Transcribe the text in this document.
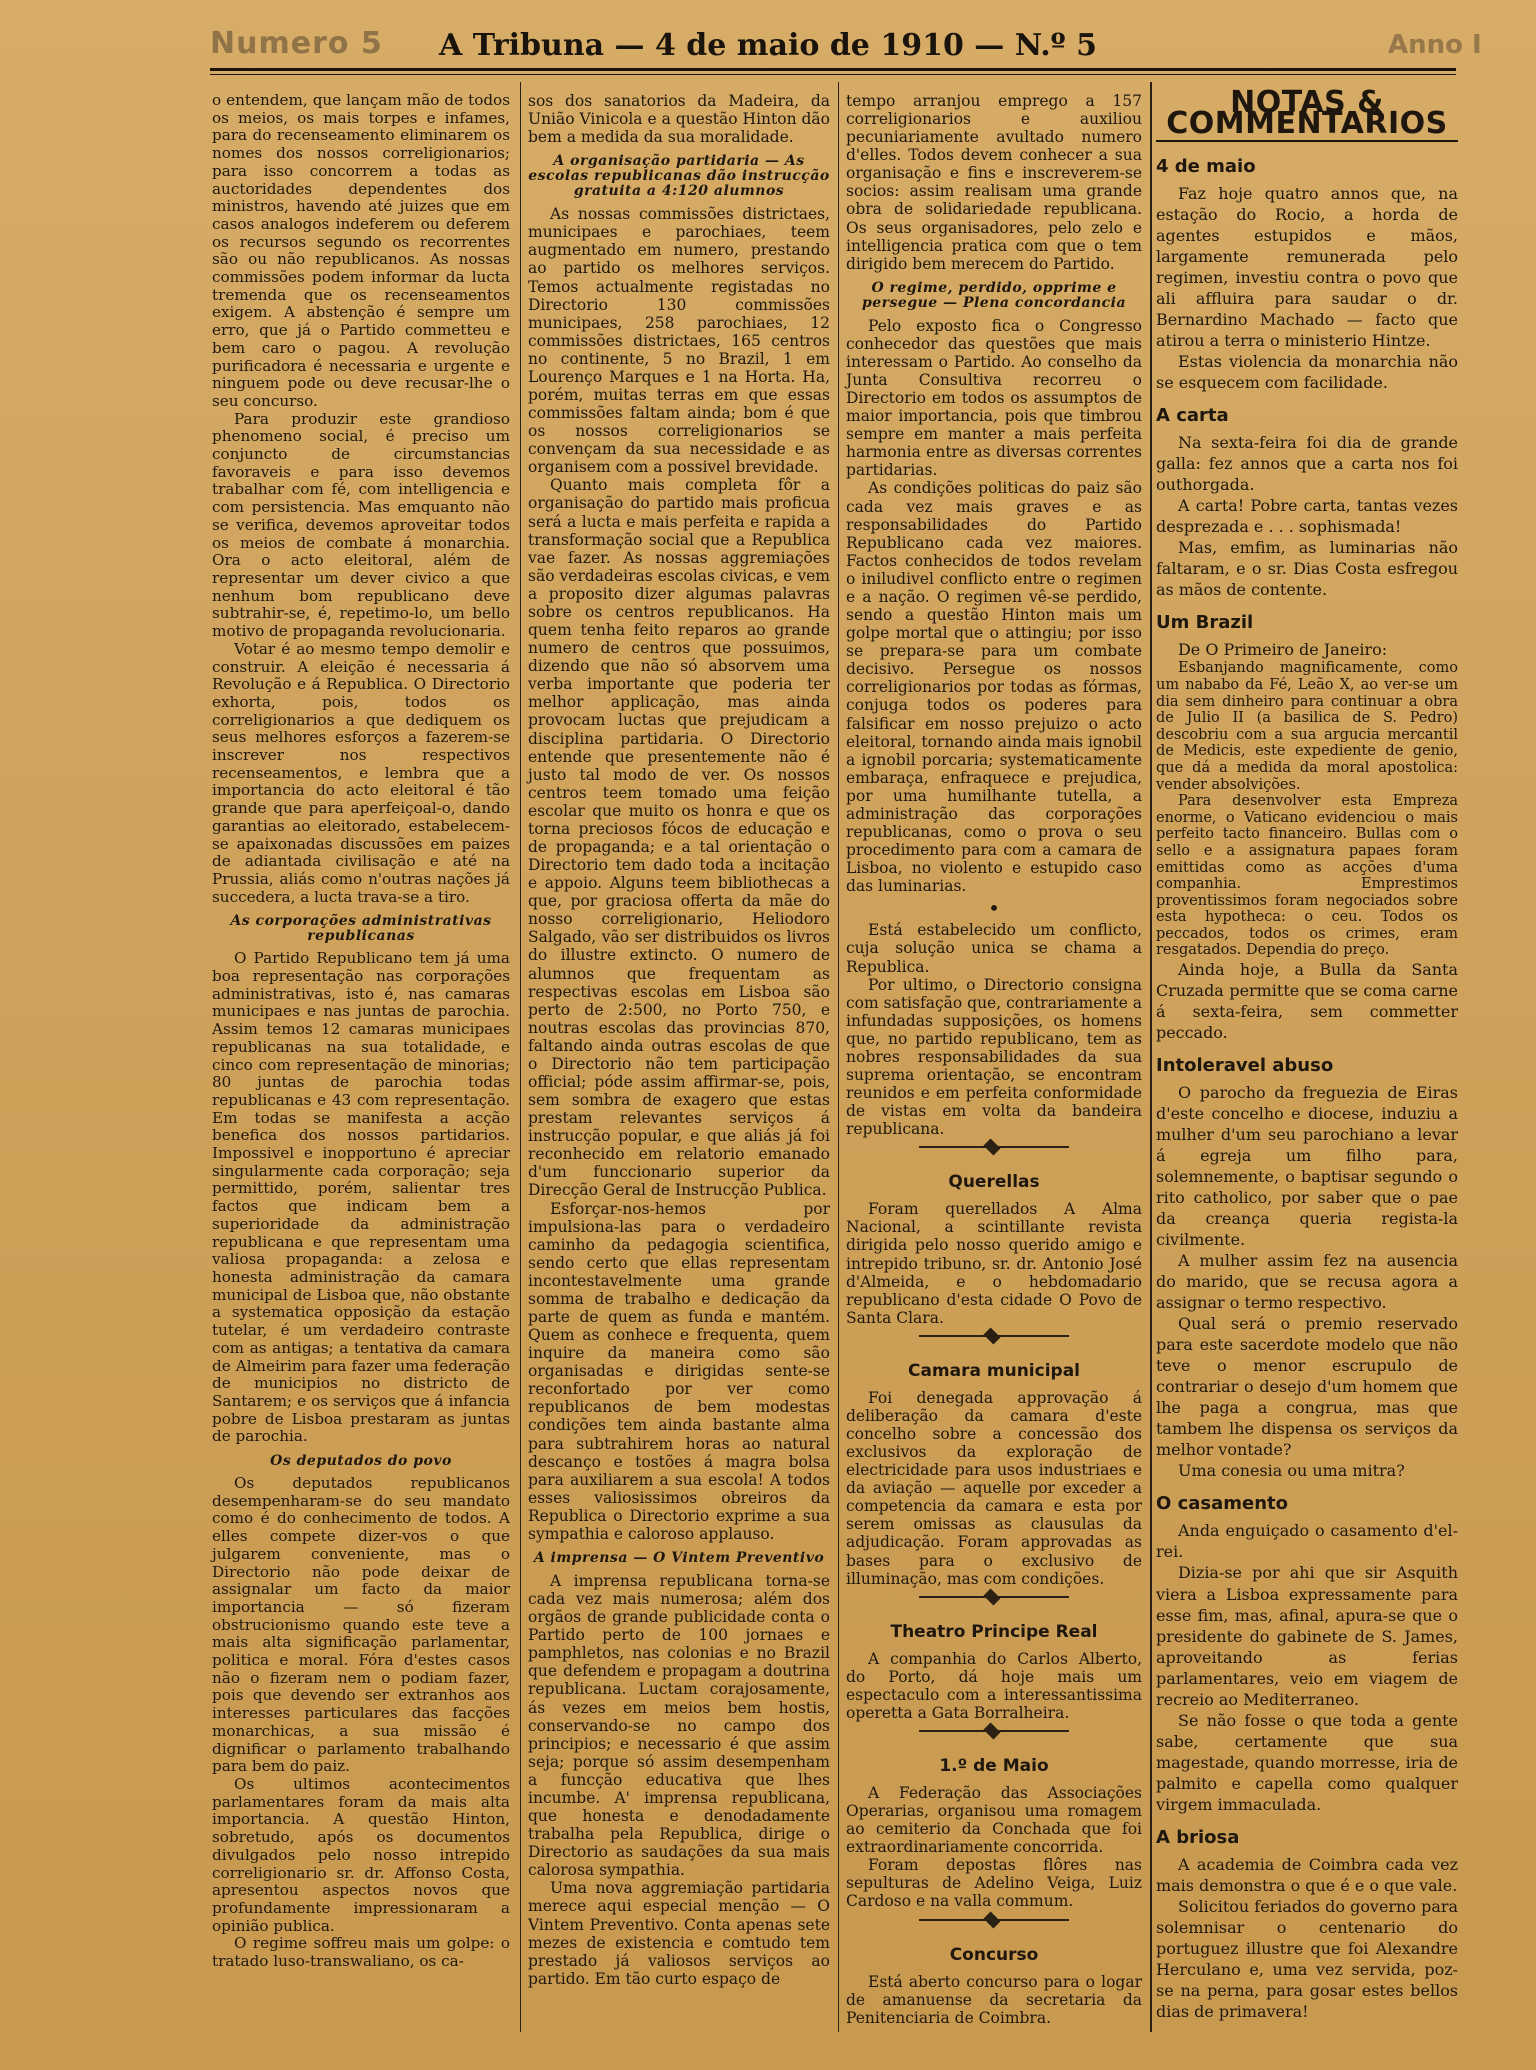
Numero 5	A Tribuna — 4 de maio de 1910 — N.º 5	Anno I

o entendem, que lançam mão de todos os meios, os mais torpes e infames, para do recenseamento eliminarem os nomes dos nossos correligionarios; para isso concorrem a todas as auctoridades dependentes dos ministros, havendo até juizes que em casos analogos indeferem ou deferem os recursos segundo os recorrentes são ou não republicanos. As nossas commissões podem informar da lucta tremenda que os recenseamentos exigem. A abstenção é sempre um erro, que já o Partido commetteu e bem caro o pagou. A revolução purificadora é necessaria e urgente e ninguem pode ou deve recusar-lhe o seu concurso.

Para produzir este grandioso phenomeno social, é preciso um conjuncto de circumstancias favoraveis e para isso devemos trabalhar com fé, com intelligencia e com persistencia. Mas emquanto não se verifica, devemos aproveitar todos os meios de combate á monarchia. Ora o acto eleitoral, além de representar um dever civico a que nenhum bom republicano deve subtrahir-se, é, repetimo-lo, um bello motivo de propaganda revolucionaria.

Votar é ao mesmo tempo demolir e construir. A eleição é necessaria á Revolução e á Republica. O Directorio exhorta, pois, todos os correligionarios a que dediquem os seus melhores esforços a fazerem-se inscrever nos respectivos recenseamentos, e lembra que a importancia do acto eleitoral é tão grande que para aperfeiçoal-o, dando garantias ao eleitorado, estabelecem-se apaixonadas discussões em paizes de adiantada civilisação e até na Prussia, aliás como n'outras nações já succedera, a lucta trava-se a tiro.

As corporações administrativas republicanas

O Partido Republicano tem já uma boa representação nas corporações administrativas, isto é, nas camaras municipaes e nas juntas de parochia. Assim temos 12 camaras municipaes republicanas na sua totalidade, e cinco com representação de minorias; 80 juntas de parochia todas republicanas e 43 com representação. Em todas se manifesta a acção benefica dos nossos partidarios. Impossivel e inopportuno é apreciar singularmente cada corporação; seja permittido, porém, salientar tres factos que indicam bem a superioridade da administração republicana e que representam uma valiosa propaganda: a zelosa e honesta administração da camara municipal de Lisboa que, não obstante a systematica opposição da estação tutelar, é um verdadeiro contraste com as antigas; a tentativa da camara de Almeirim para fazer uma federação de municipios no districto de Santarem; e os serviços que á infancia pobre de Lisboa prestaram as juntas de parochia.

Os deputados do povo

Os deputados republicanos desempenharam-se do seu mandato como é do conhecimento de todos. A elles compete dizer-vos o que julgarem conveniente, mas o Directorio não pode deixar de assignalar um facto da maior importancia — só fizeram obstrucionismo quando este teve a mais alta significação parlamentar, politica e moral. Fóra d'estes casos não o fizeram nem o podiam fazer, pois que devendo ser extranhos aos interesses particulares das facções monarchicas, a sua missão é dignificar o parlamento trabalhando para bem do paiz.

Os ultimos acontecimentos parlamentares foram da mais alta importancia. A questão Hinton, sobretudo, após os documentos divulgados pelo nosso intrepido correligionario sr. dr. Affonso Costa, apresentou aspectos novos que profundamente impressionaram a opinião publica.

O regime soffreu mais um golpe: o tratado luso-transwaliano, os ca-

sos dos sanatorios da Madeira, da União Vinicola e a questão Hinton dão bem a medida da sua moralidade.

A organisação partidaria — As escolas republicanas dão instrucção gratuita a 4:120 alumnos

As nossas commissões districtaes, municipaes e parochiaes, teem augmentado em numero, prestando ao partido os melhores serviços. Temos actualmente registadas no Directorio 130 commissões municipaes, 258 parochiaes, 12 commissões districtaes, 165 centros no continente, 5 no Brazil, 1 em Lourenço Marques e 1 na Horta. Ha, porém, muitas terras em que essas commissões faltam ainda; bom é que os nossos correligionarios se convençam da sua necessidade e as organisem com a possivel brevidade.

Quanto mais completa fôr a organisação do partido mais proficua será a lucta e mais perfeita e rapida a transformação social que a Republica vae fazer. As nossas aggremiações são verdadeiras escolas civicas, e vem a proposito dizer algumas palavras sobre os centros republicanos. Ha quem tenha feito reparos ao grande numero de centros que possuimos, dizendo que não só absorvem uma verba importante que poderia ter melhor applicação, mas ainda provocam luctas que prejudicam a disciplina partidaria. O Directorio entende que presentemente não é justo tal modo de ver. Os nossos centros teem tomado uma feição escolar que muito os honra e que os torna preciosos fócos de educação e de propaganda; e a tal orientação o Directorio tem dado toda a incitação e appoio. Alguns teem bibliothecas a que, por graciosa offerta da mãe do nosso correligionario, Heliodoro Salgado, vão ser distribuidos os livros do illustre extincto. O numero de alumnos que frequentam as respectivas escolas em Lisboa são perto de 2:500, no Porto 750, e noutras escolas das provincias 870, faltando ainda outras escolas de que o Directorio não tem participação official; póde assim affirmar-se, pois, sem sombra de exagero que estas prestam relevantes serviços á instrucção popular, e que aliás já foi reconhecido em relatorio emanado d'um funccionario superior da Direcção Geral de Instrucção Publica.

Esforçar-nos-hemos por impulsiona-las para o verdadeiro caminho da pedagogia scientifica, sendo certo que ellas representam incontestavelmente uma grande somma de trabalho e dedicação da parte de quem as funda e mantém. Quem as conhece e frequenta, quem inquire da maneira como são organisadas e dirigidas sente-se reconfortado por ver como republicanos de bem modestas condições tem ainda bastante alma para subtrahirem horas ao natural descanço e tostões á magra bolsa para auxiliarem a sua escola! A todos esses valiosissimos obreiros da Republica o Directorio exprime a sua sympathia e caloroso applauso.

A imprensa — O Vintem Preventivo

A imprensa republicana torna-se cada vez mais numerosa; além dos orgãos de grande publicidade conta o Partido perto de 100 jornaes e pamphletos, nas colonias e no Brazil que defendem e propagam a doutrina republicana. Luctam corajosamente, ás vezes em meios bem hostis, conservando-se no campo dos principios; e necessario é que assim seja; porque só assim desempenham a funcção educativa que lhes incumbe. A' imprensa republicana, que honesta e denodadamente trabalha pela Republica, dirige o Directorio as saudações da sua mais calorosa sympathia.

Uma nova aggremiação partidaria merece aqui especial menção — O Vintem Preventivo. Conta apenas sete mezes de existencia e comtudo tem prestado já valiosos serviços ao partido. Em tão curto espaço de

tempo arranjou emprego a 157 correligionarios e auxiliou pecuniariamente avultado numero d'elles. Todos devem conhecer a sua organisação e fins e inscreverem-se socios: assim realisam uma grande obra de solidariedade republicana. Os seus organisadores, pelo zelo e intelligencia pratica com que o tem dirigido bem merecem do Partido.

O regime, perdido, opprime e persegue — Plena concordancia

Pelo exposto fica o Congresso conhecedor das questões que mais interessam o Partido. Ao conselho da Junta Consultiva recorreu o Directorio em todos os assumptos de maior importancia, pois que timbrou sempre em manter a mais perfeita harmonia entre as diversas correntes partidarias.

As condições politicas do paiz são cada vez mais graves e as responsabilidades do Partido Republicano cada vez maiores. Factos conhecidos de todos revelam o iniludivel conflicto entre o regimen e a nação. O regimen vê-se perdido, sendo a questão Hinton mais um golpe mortal que o attingiu; por isso se prepara-se para um combate decisivo. Persegue os nossos correligionarios por todas as fórmas, conjuga todos os poderes para falsificar em nosso prejuizo o acto eleitoral, tornando ainda mais ignobil a ignobil porcaria; systematicamente embaraça, enfraquece e prejudica, por uma humilhante tutella, a administração das corporações republicanas, como o prova o seu procedimento para com a camara de Lisboa, no violento e estupido caso das luminarias.

•

Está estabelecido um conflicto, cuja solução unica se chama a Republica.

Por ultimo, o Directorio consigna com satisfação que, contrariamente a infundadas supposições, os homens que, no partido republicano, tem as nobres responsabilidades da sua suprema orientação, se encontram reunidos e em perfeita conformidade de vistas em volta da bandeira republicana.

Querellas

Foram querellados A Alma Nacional, a scintillante revista dirigida pelo nosso querido amigo e intrepido tribuno, sr. dr. Antonio José d'Almeida, e o hebdomadario republicano d'esta cidade O Povo de Santa Clara.

Camara municipal

Foi denegada approvação á deliberação da camara d'este concelho sobre a concessão dos exclusivos da exploração de electricidade para usos industriaes e da aviação — aquelle por exceder a competencia da camara e esta por serem omissas as clausulas da adjudicação. Foram approvadas as bases para o exclusivo de illuminação, mas com condições.

Theatro Principe Real

A companhia do Carlos Alberto, do Porto, dá hoje mais um espectaculo com a interessantissima operetta a Gata Borralheira.

1.º de Maio

A Federação das Associações Operarias, organisou uma romagem ao cemiterio da Conchada que foi extraordinariamente concorrida.

Foram depostas flôres nas sepulturas de Adelino Veiga, Luiz Cardoso e na valla commum.

Concurso

Está aberto concurso para o logar de amanuense da secretaria da Penitenciaria de Coimbra.

NOTAS & COMMENTARIOS
4 de maio

Faz hoje quatro annos que, na estação do Rocio, a horda de agentes estupidos e mãos, largamente remunerada pelo regimen, investiu contra o povo que ali affluira para saudar o dr. Bernardino Machado — facto que atirou a terra o ministerio Hintze.

Estas violencia da monarchia não se esquecem com facilidade.

A carta

Na sexta-feira foi dia de grande galla: fez annos que a carta nos foi outhorgada.

A carta! Pobre carta, tantas vezes desprezada e . . . sophismada!

Mas, emfim, as luminarias não faltaram, e o sr. Dias Costa esfregou as mãos de contente.

Um Brazil

De O Primeiro de Janeiro:

Esbanjando magnificamente, como um nababo da Fé, Leão X, ao ver-se um dia sem dinheiro para continuar a obra de Julio II (a basilica de S. Pedro) descobriu com a sua argucia mercantil de Medicis, este expediente de genio, que dá a medida da moral apostolica: vender absolvições.

Para desenvolver esta Empreza enorme, o Vaticano evidenciou o mais perfeito tacto financeiro. Bullas com o sello e a assignatura papaes foram emittidas como as acções d'uma companhia. Emprestimos proventissimos foram negociados sobre esta hypotheca: o ceu. Todos os peccados, todos os crimes, eram resgatados. Dependia do preço.

Ainda hoje, a Bulla da Santa Cruzada permitte que se coma carne á sexta-feira, sem commetter peccado.

Intoleravel abuso

O parocho da freguezia de Eiras d'este concelho e diocese, induziu a mulher d'um seu parochiano a levar á egreja um filho para, solemnemente, o baptisar segundo o rito catholico, por saber que o pae da creança queria regista-la civilmente.

A mulher assim fez na ausencia do marido, que se recusa agora a assignar o termo respectivo.

Qual será o premio reservado para este sacerdote modelo que não teve o menor escrupulo de contrariar o desejo d'um homem que lhe paga a congrua, mas que tambem lhe dispensa os serviços da melhor vontade?

Uma conesia ou uma mitra?

O casamento

Anda enguiçado o casamento d'el-rei.

Dizia-se por ahi que sir Asquith viera a Lisboa expressamente para esse fim, mas, afinal, apura-se que o presidente do gabinete de S. James, aproveitando as ferias parlamentares, veio em viagem de recreio ao Mediterraneo.

Se não fosse o que toda a gente sabe, certamente que sua magestade, quando morresse, iria de palmito e capella como qualquer virgem immaculada.

A briosa

A academia de Coimbra cada vez mais demonstra o que é e o que vale.

Solicitou feriados do governo para solemnisar o centenario do portuguez illustre que foi Alexandre Herculano e, uma vez servida, poz-se na perna, para gosar estes bellos dias de primavera!
